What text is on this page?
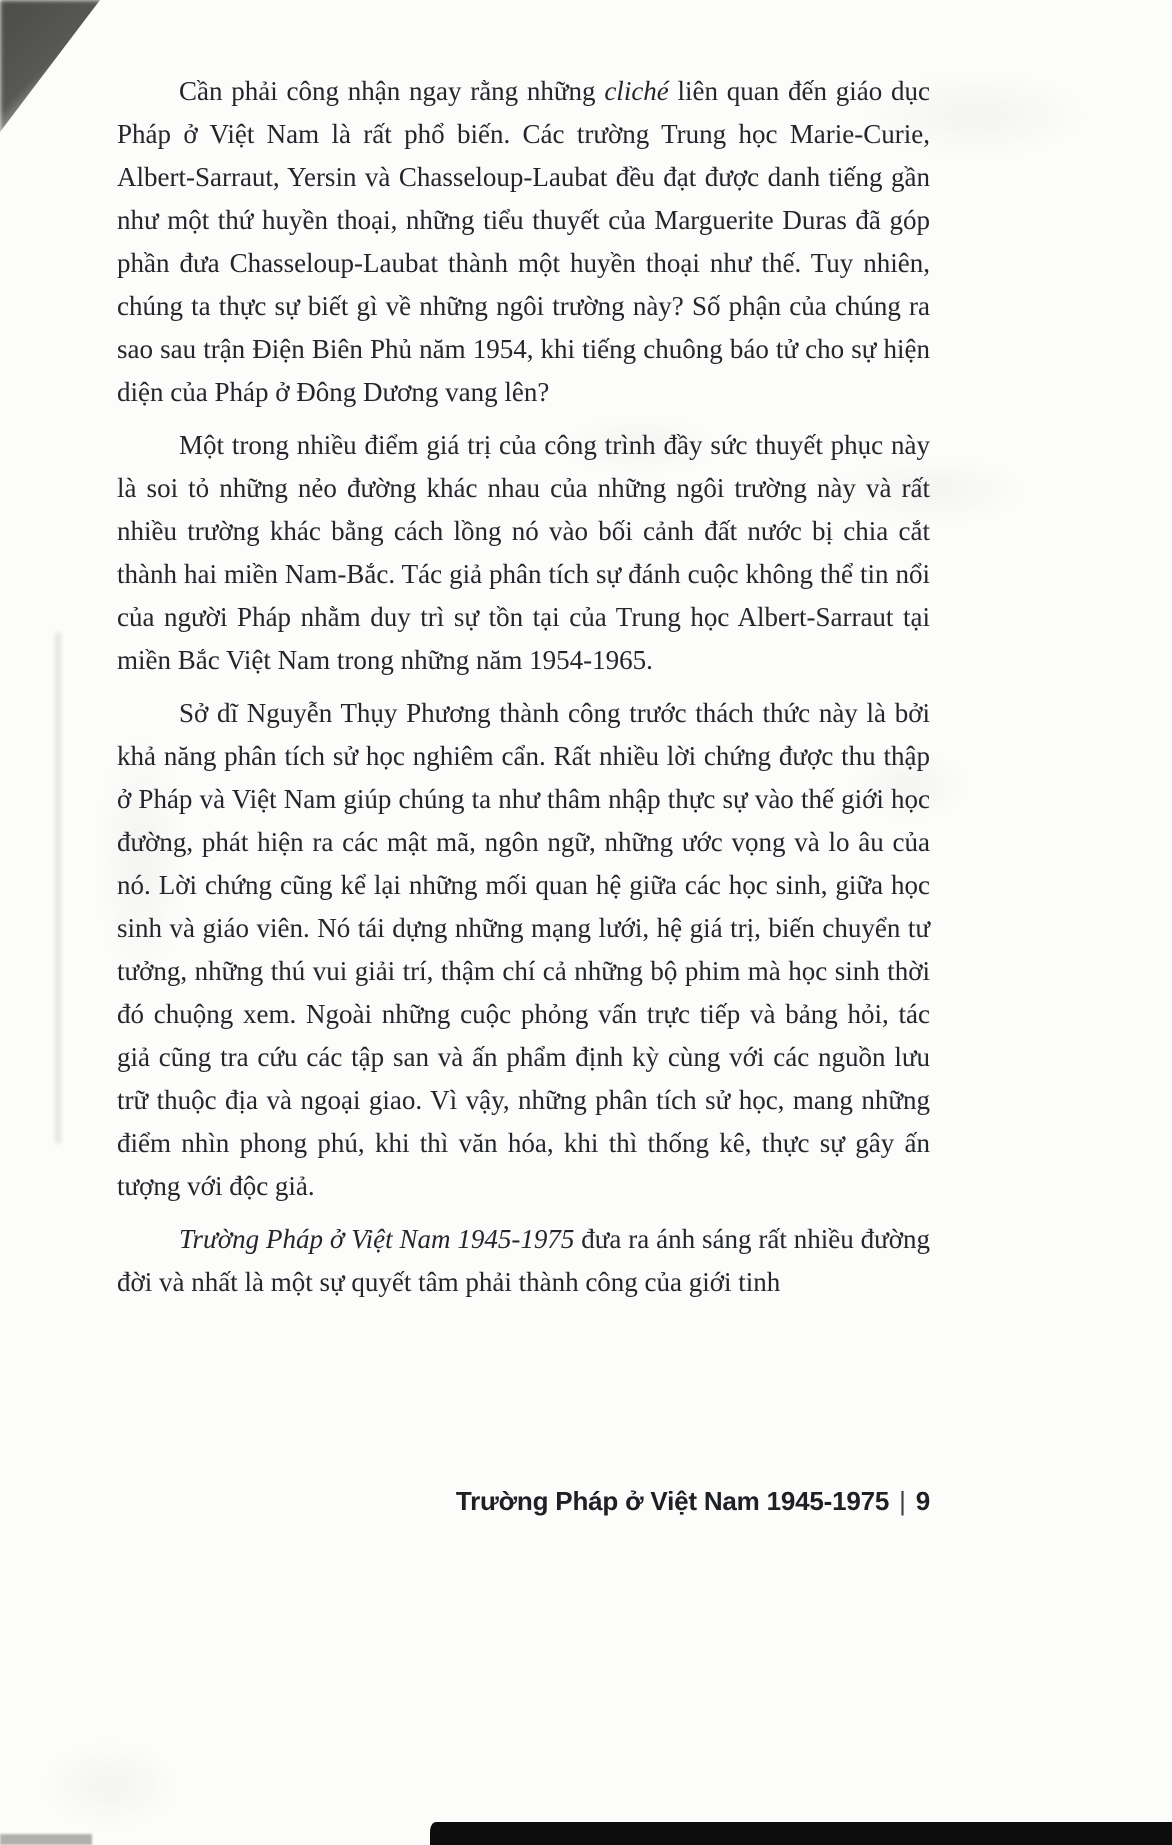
Cần phải công nhận ngay rằng những cliché liên quan đến giáo dục Pháp ở Việt Nam là rất phổ biến. Các trường Trung học Marie-Curie, Albert-Sarraut, Yersin và Chasseloup-Laubat đều đạt được danh tiếng gần như một thứ huyền thoại, những tiểu thuyết của Marguerite Duras đã góp phần đưa Chasseloup-Laubat thành một huyền thoại như thế. Tuy nhiên, chúng ta thực sự biết gì về những ngôi trường này? Số phận của chúng ra sao sau trận Điện Biên Phủ năm 1954, khi tiếng chuông báo tử cho sự hiện diện của Pháp ở Đông Dương vang lên?

Một trong nhiều điểm giá trị của công trình đầy sức thuyết phục này là soi tỏ những nẻo đường khác nhau của những ngôi trường này và rất nhiều trường khác bằng cách lồng nó vào bối cảnh đất nước bị chia cắt thành hai miền Nam-Bắc. Tác giả phân tích sự đánh cuộc không thể tin nổi của người Pháp nhằm duy trì sự tồn tại của Trung học Albert-Sarraut tại miền Bắc Việt Nam trong những năm 1954-1965.

Sở dĩ Nguyễn Thụy Phương thành công trước thách thức này là bởi khả năng phân tích sử học nghiêm cẩn. Rất nhiều lời chứng được thu thập ở Pháp và Việt Nam giúp chúng ta như thâm nhập thực sự vào thế giới học đường, phát hiện ra các mật mã, ngôn ngữ, những ước vọng và lo âu của nó. Lời chứng cũng kể lại những mối quan hệ giữa các học sinh, giữa học sinh và giáo viên. Nó tái dựng những mạng lưới, hệ giá trị, biến chuyển tư tưởng, những thú vui giải trí, thậm chí cả những bộ phim mà học sinh thời đó chuộng xem. Ngoài những cuộc phỏng vấn trực tiếp và bảng hỏi, tác giả cũng tra cứu các tập san và ấn phẩm định kỳ cùng với các nguồn lưu trữ thuộc địa và ngoại giao. Vì vậy, những phân tích sử học, mang những điểm nhìn phong phú, khi thì văn hóa, khi thì thống kê, thực sự gây ấn tượng với độc giả.

Trường Pháp ở Việt Nam 1945-1975 đưa ra ánh sáng rất nhiều đường đời và nhất là một sự quyết tâm phải thành công của giới tinh

Trường Pháp ở Việt Nam 1945-1975 | 9
